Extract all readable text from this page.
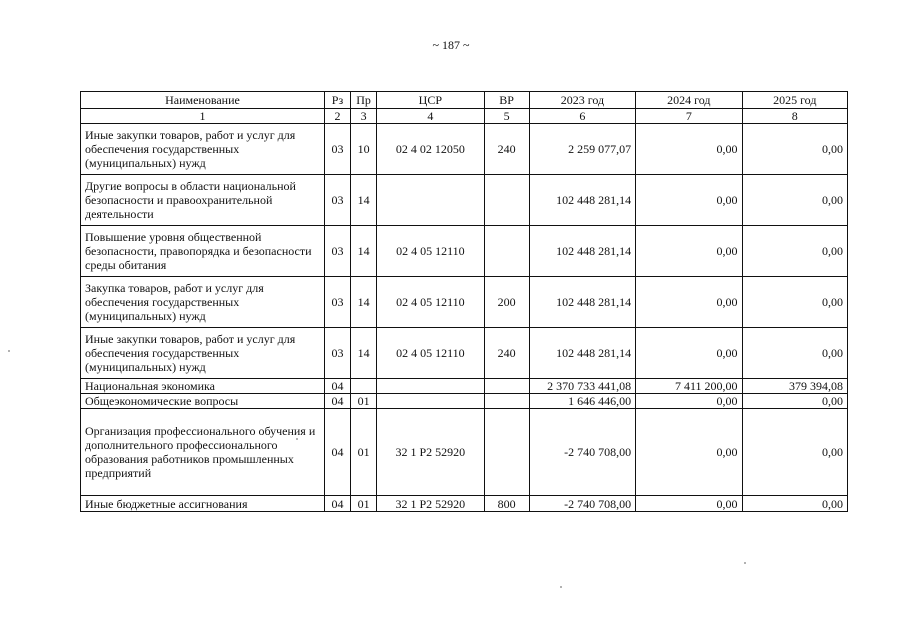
~ 187 ~
Наименование	Рз	Пр	ЦСР	ВР	2023 год	2024 год	2025 год
1	2	3	4	5	6	7	8
Иные закупки товаров, работ и услуг для обеспечения государственных (муниципальных) нужд	03	10	02 4 02 12050	240	2 259 077,07	0,00	0,00
Другие вопросы в области национальной безопасности и правоохранительной деятельности	03	14			102 448 281,14	0,00	0,00
Повышение уровня общественной безопасности, правопорядка и безопасности среды обитания	03	14	02 4 05 12110		102 448 281,14	0,00	0,00
Закупка товаров, работ и услуг для обеспечения государственных (муниципальных) нужд	03	14	02 4 05 12110	200	102 448 281,14	0,00	0,00
Иные закупки товаров, работ и услуг для обеспечения государственных (муниципальных) нужд	03	14	02 4 05 12110	240	102 448 281,14	0,00	0,00
Национальная экономика	04				2 370 733 441,08	7 411 200,00	379 394,08
Общеэкономические вопросы	04	01			1 646 446,00	0,00	0,00
Организация профессионального обучения и дополнительного профессионального образования работников промышленных предприятий	04	01	32 1 Р2 52920		-2 740 708,00	0,00	0,00
Иные бюджетные ассигнования	04	01	32 1 Р2 52920	800	-2 740 708,00	0,00	0,00
